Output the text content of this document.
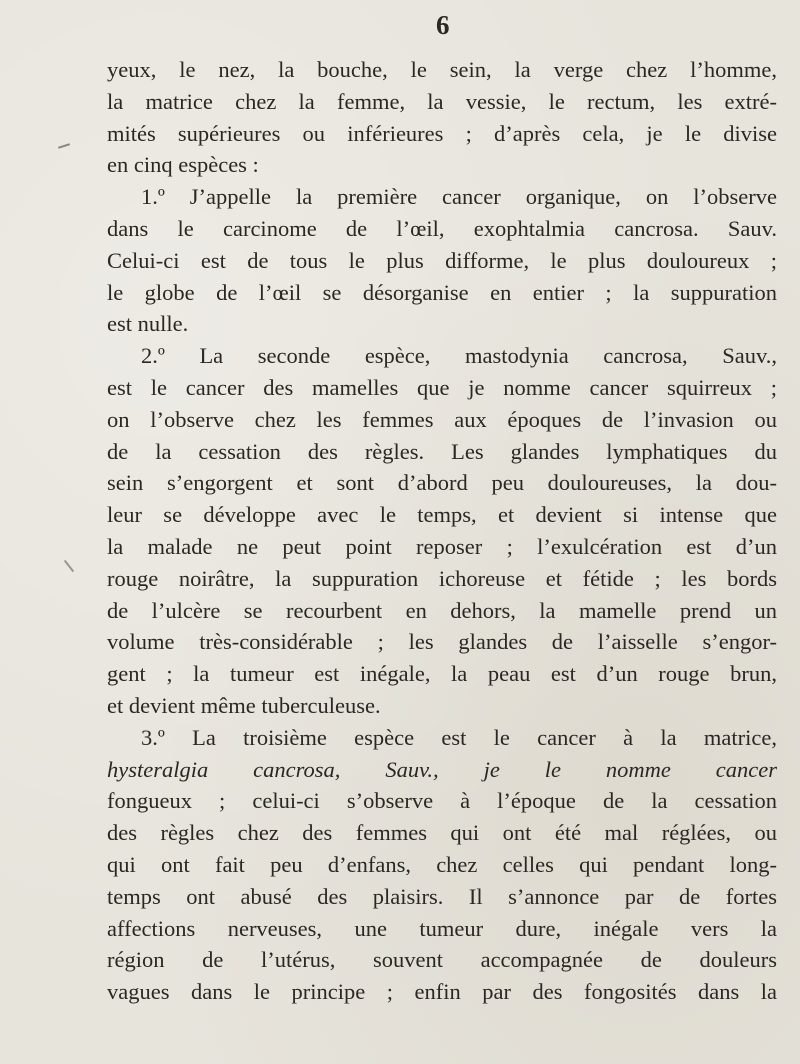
6
yeux, le nez, la bouche, le sein, la verge chez l’homme,
la matrice chez la femme, la vessie, le rectum, les extré-
mités supérieures ou inférieures ; d’après cela, je le divise
en cinq espèces :
1.º J’appelle la première cancer organique, on l’observe
dans le carcinome de l’œil, exophtalmia cancrosa. Sauv.
Celui-ci est de tous le plus difforme, le plus douloureux ;
le globe de l’œil se désorganise en entier ; la suppuration
est nulle.
2.º La seconde espèce, mastodynia cancrosa, Sauv.,
est le cancer des mamelles que je nomme cancer squirreux ;
on l’observe chez les femmes aux époques de l’invasion ou
de la cessation des règles. Les glandes lymphatiques du
sein s’engorgent et sont d’abord peu douloureuses, la dou-
leur se développe avec le temps, et devient si intense que
la malade ne peut point reposer ; l’exulcération est d’un
rouge noirâtre, la suppuration ichoreuse et fétide ; les bords
de l’ulcère se recourbent en dehors, la mamelle prend un
volume très-considérable ; les glandes de l’aisselle s’engor-
gent ; la tumeur est inégale, la peau est d’un rouge brun,
et devient même tuberculeuse.
3.º La troisième espèce est le cancer à la matrice,
hysteralgia cancrosa, Sauv., je le nomme cancer
fongueux ; celui-ci s’observe à l’époque de la cessation
des règles chez des femmes qui ont été mal réglées, ou
qui ont fait peu d’enfans, chez celles qui pendant long-
temps ont abusé des plaisirs. Il s’annonce par de fortes
affections nerveuses, une tumeur dure, inégale vers la
région de l’utérus, souvent accompagnée de douleurs
vagues dans le principe ; enfin par des fongosités dans la
